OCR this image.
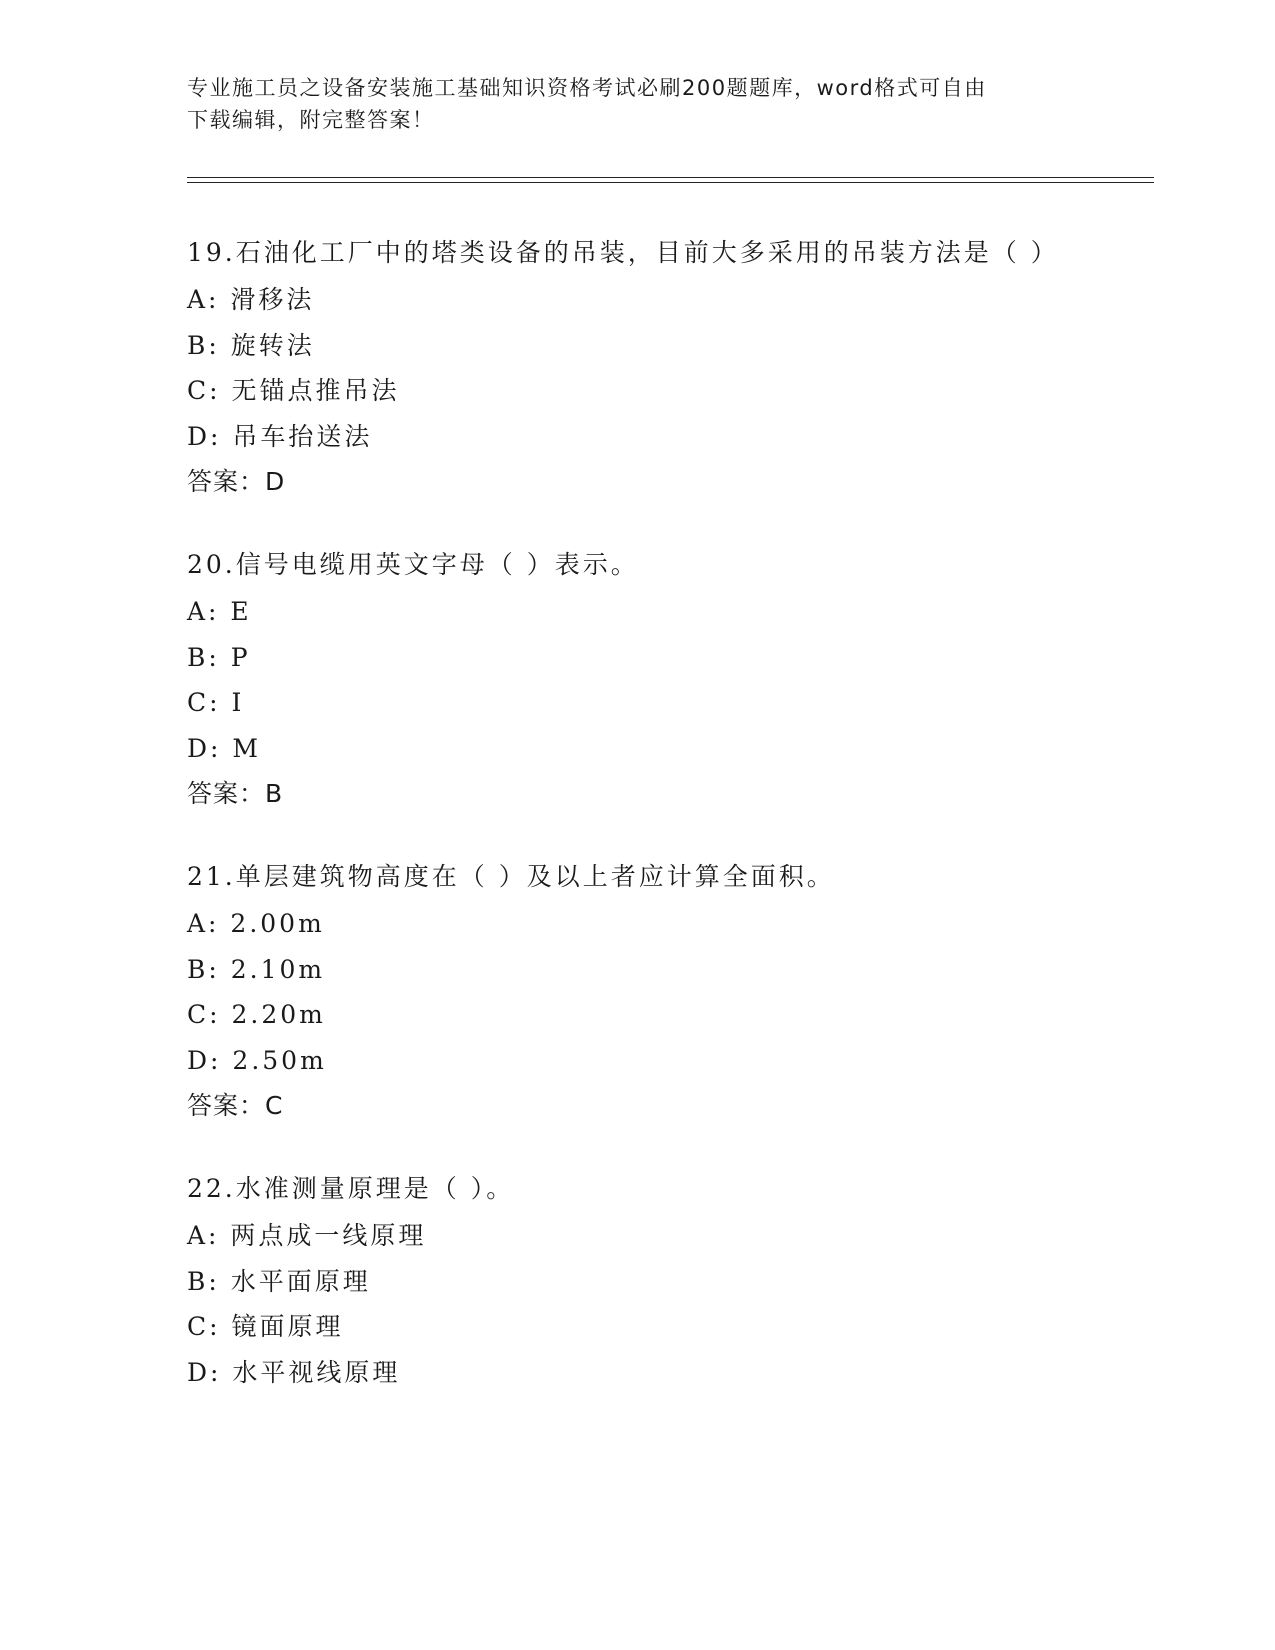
专业施工员之设备安装施工基础知识资格考试必刷200题题库，word格式可自由
下载编辑，附完整答案！
19.石油化工厂中的塔类设备的吊装，目前大多采用的吊装方法是（ ）
A: 滑移法
B: 旋转法
C: 无锚点推吊法
D: 吊车抬送法
答案：D
20.信号电缆用英文字母（ ）表示。
A: E
B: P
C: I
D: M
答案：B
21.单层建筑物高度在（ ）及以上者应计算全面积。
A: 2.00m
B: 2.10m
C: 2.20m
D: 2.50m
答案：C
22.水准测量原理是（ ）。
A: 两点成一线原理
B: 水平面原理
C: 镜面原理
D: 水平视线原理
